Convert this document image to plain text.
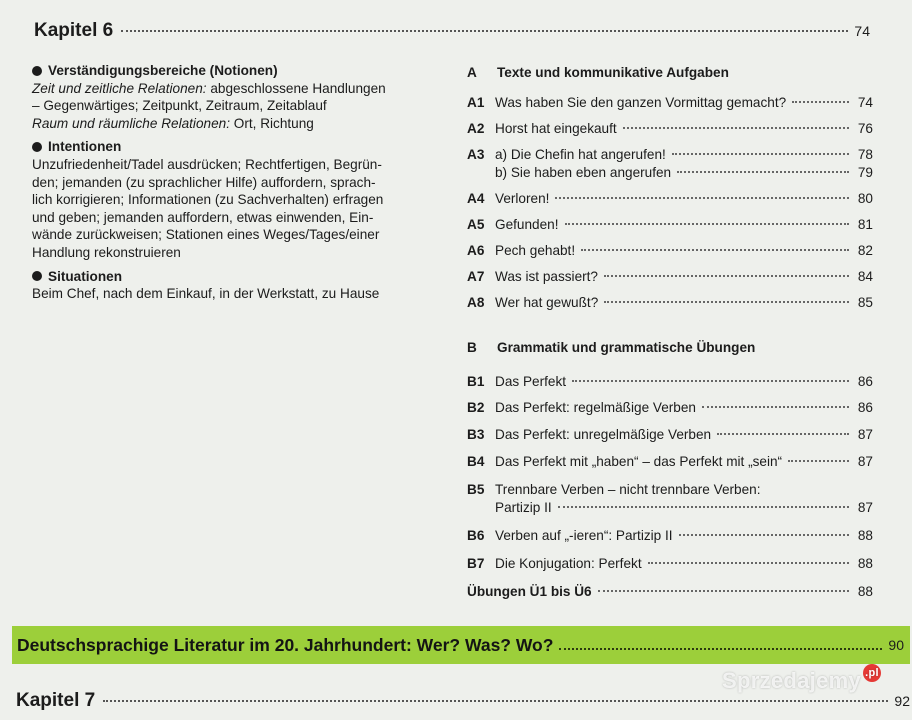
Kapitel 6	74
Verständigungsbereiche (Notionen)
Zeit und zeitliche Relationen: abgeschlossene Handlungen
– Gegenwärtiges; Zeitpunkt, Zeitraum, Zeitablauf
Raum und räumliche Relationen: Ort, Richtung
Intentionen
Unzufriedenheit/Tadel ausdrücken; Rechtfertigen, Begrün-
den; jemanden (zu sprachlicher Hilfe) auffordern, sprach-
lich korrigieren; Informationen (zu Sachverhalten) erfragen
und geben; jemanden auffordern, etwas einwenden, Ein-
wände zurückweisen; Stationen eines Weges/Tages/einer
Handlung rekonstruieren
Situationen
Beim Chef, nach dem Einkauf, in der Werkstatt, zu Hause
A	Texte und kommunikative Aufgaben
A1 Was haben Sie den ganzen Vormittag gemacht?	74
A2 Horst hat eingekauft	76
A3 a) Die Chefin hat angerufen!	78
b) Sie haben eben angerufen	79
A4 Verloren!	80
A5 Gefunden!	81
A6 Pech gehabt!	82
A7 Was ist passiert?	84
A8 Wer hat gewußt?	85
B	Grammatik und grammatische Übungen
B1 Das Perfekt	86
B2 Das Perfekt: regelmäßige Verben	86
B3 Das Perfekt: unregelmäßige Verben	87
B4 Das Perfekt mit „haben“ – das Perfekt mit „sein“	87
B5 Trennbare Verben – nicht trennbare Verben:
Partizip II	87
B6 Verben auf „-ieren“: Partizip II	88
B7 Die Konjugation: Perfekt	88
Übungen Ü1 bis Ü6	88
Deutschsprachige Literatur im 20. Jahrhundert: Wer? Was? Wo?	90
Kapitel 7	92
Sprzedajemy .pl
